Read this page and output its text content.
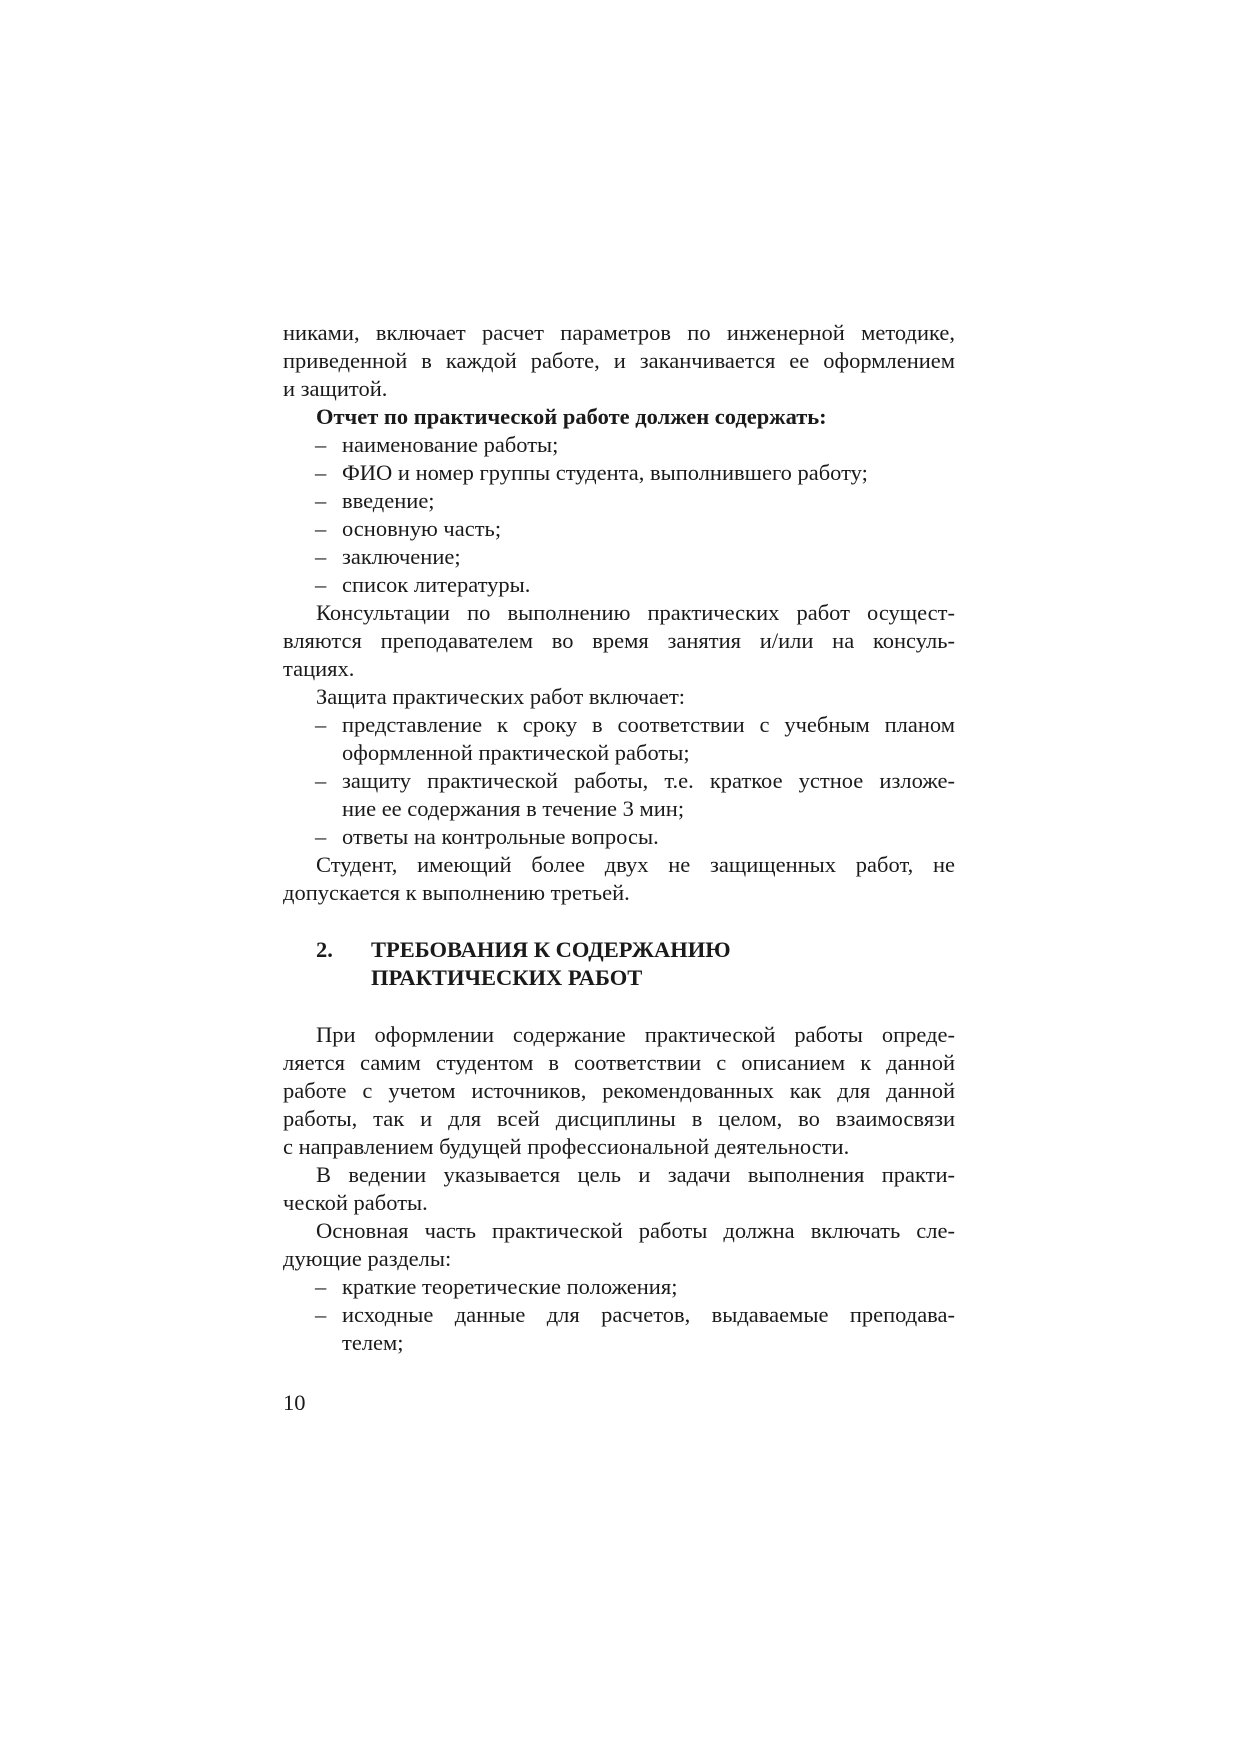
никами, включает расчет параметров по инженерной методике,
приведенной в каждой работе, и заканчивается ее оформлением
и защитой.
Отчет по практической работе должен содержать:
– наименование работы;
– ФИО и номер группы студента, выполнившего работу;
– введение;
– основную часть;
– заключение;
– список литературы.
Консультации по выполнению практических работ осущест-
вляются преподавателем во время занятия и/или на консуль-
тациях.
Защита практических работ включает:
– представление к сроку в соответствии с учебным планом
оформленной практической работы;
– защиту практической работы, т.е. краткое устное изложе-
ние ее содержания в течение 3 мин;
– ответы на контрольные вопросы.
Студент, имеющий более двух не защищенных работ, не
допускается к выполнению третьей.
2. ТРЕБОВАНИЯ К СОДЕРЖАНИЮ
ПРАКТИЧЕСКИХ РАБОТ
При оформлении содержание практической работы опреде-
ляется самим студентом в соответствии с описанием к данной
работе с учетом источников, рекомендованных как для данной
работы, так и для всей дисциплины в целом, во взаимосвязи
с направлением будущей профессиональной деятельности.
В ведении указывается цель и задачи выполнения практи-
ческой работы.
Основная часть практической работы должна включать сле-
дующие разделы:
– краткие теоретические положения;
– исходные данные для расчетов, выдаваемые преподава-
телем;
10
